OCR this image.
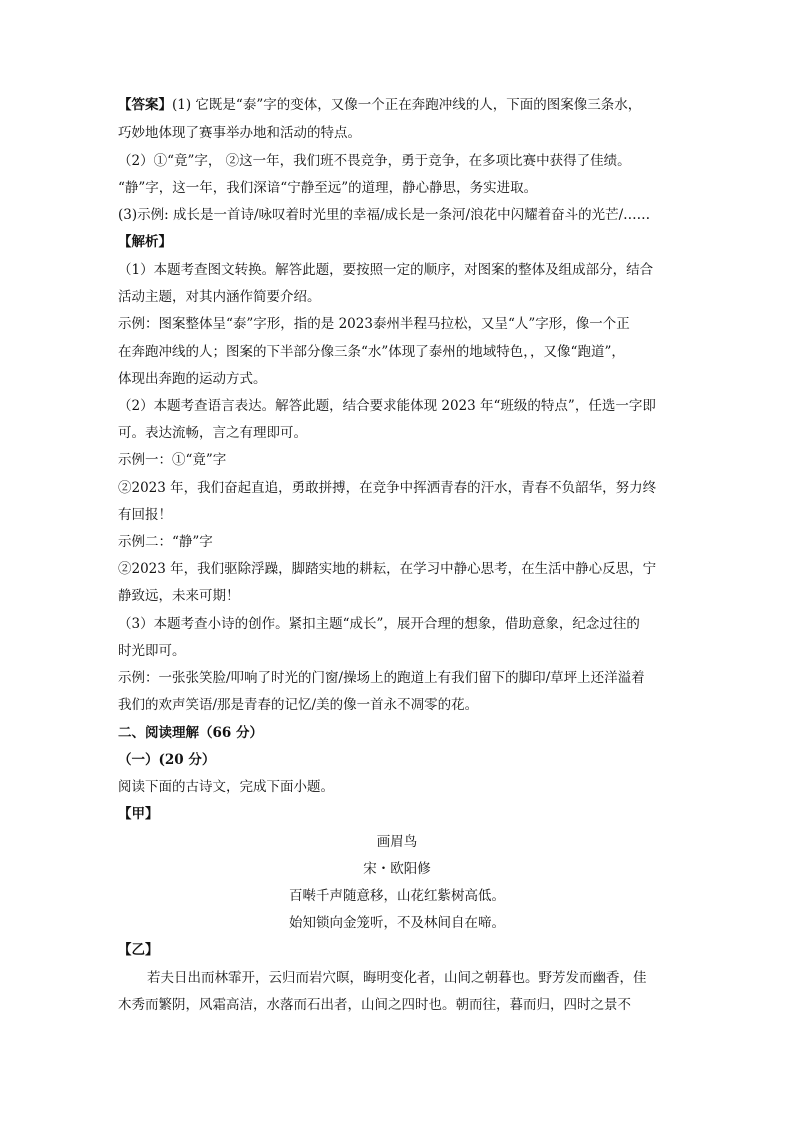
【答案】(1) 它既是“泰”字的变体，又像一个正在奔跑冲线的人，下面的图案像三条水，
巧妙地体现了赛事举办地和活动的特点。
（2）①“竟”字， ②这一年，我们班不畏竞争，勇于竞争，在多项比赛中获得了佳绩。
“静”字，这一年，我们深谙“宁静至远”的道理，静心静思，务实进取。
(3)示例: 成长是一首诗/咏叹着时光里的幸福/成长是一条河/浪花中闪耀着奋斗的光芒/……
【解析】
（1）本题考查图文转换。解答此题，要按照一定的顺序，对图案的整体及组成部分，结合
活动主题，对其内涵作简要介绍。
示例：图案整体呈“泰”字形，指的是 2023泰州半程马拉松，又呈“人”字形，像一个正
在奔跑冲线的人；图案的下半部分像三条“水”体现了泰州的地域特色，，又像“跑道”，
体现出奔跑的运动方式。
（2）本题考查语言表达。解答此题，结合要求能体现 2023 年“班级的特点”，任选一字即
可。表达流畅，言之有理即可。
示例一：①“竟”字
②2023 年，我们奋起直追，勇敢拼搏，在竞争中挥洒青春的汗水，青春不负韶华，努力终
有回报！
示例二：“静”字
②2023 年，我们驱除浮躁，脚踏实地的耕耘，在学习中静心思考，在生活中静心反思，宁
静致远，未来可期！
（3）本题考查小诗的创作。紧扣主题“成长”，展开合理的想象，借助意象，纪念过往的
时光即可。
示例：一张张笑脸/叩响了时光的门窗/操场上的跑道上有我们留下的脚印/草坪上还洋溢着
我们的欢声笑语/那是青春的记忆/美的像一首永不凋零的花。
二、阅读理解（66 分）
（一）(20 分）
阅读下面的古诗文，完成下面小题。
【甲】
画眉鸟
宋・欧阳修
百啭千声随意移，山花红紫树高低。
始知锁向金笼听，不及林间自在啼。
【乙】
若夫日出而林霏开，云归而岩穴暝，晦明变化者，山间之朝暮也。野芳发而幽香，佳
木秀而繁阴，风霜高洁，水落而石出者，山间之四时也。朝而往，暮而归，四时之景不
